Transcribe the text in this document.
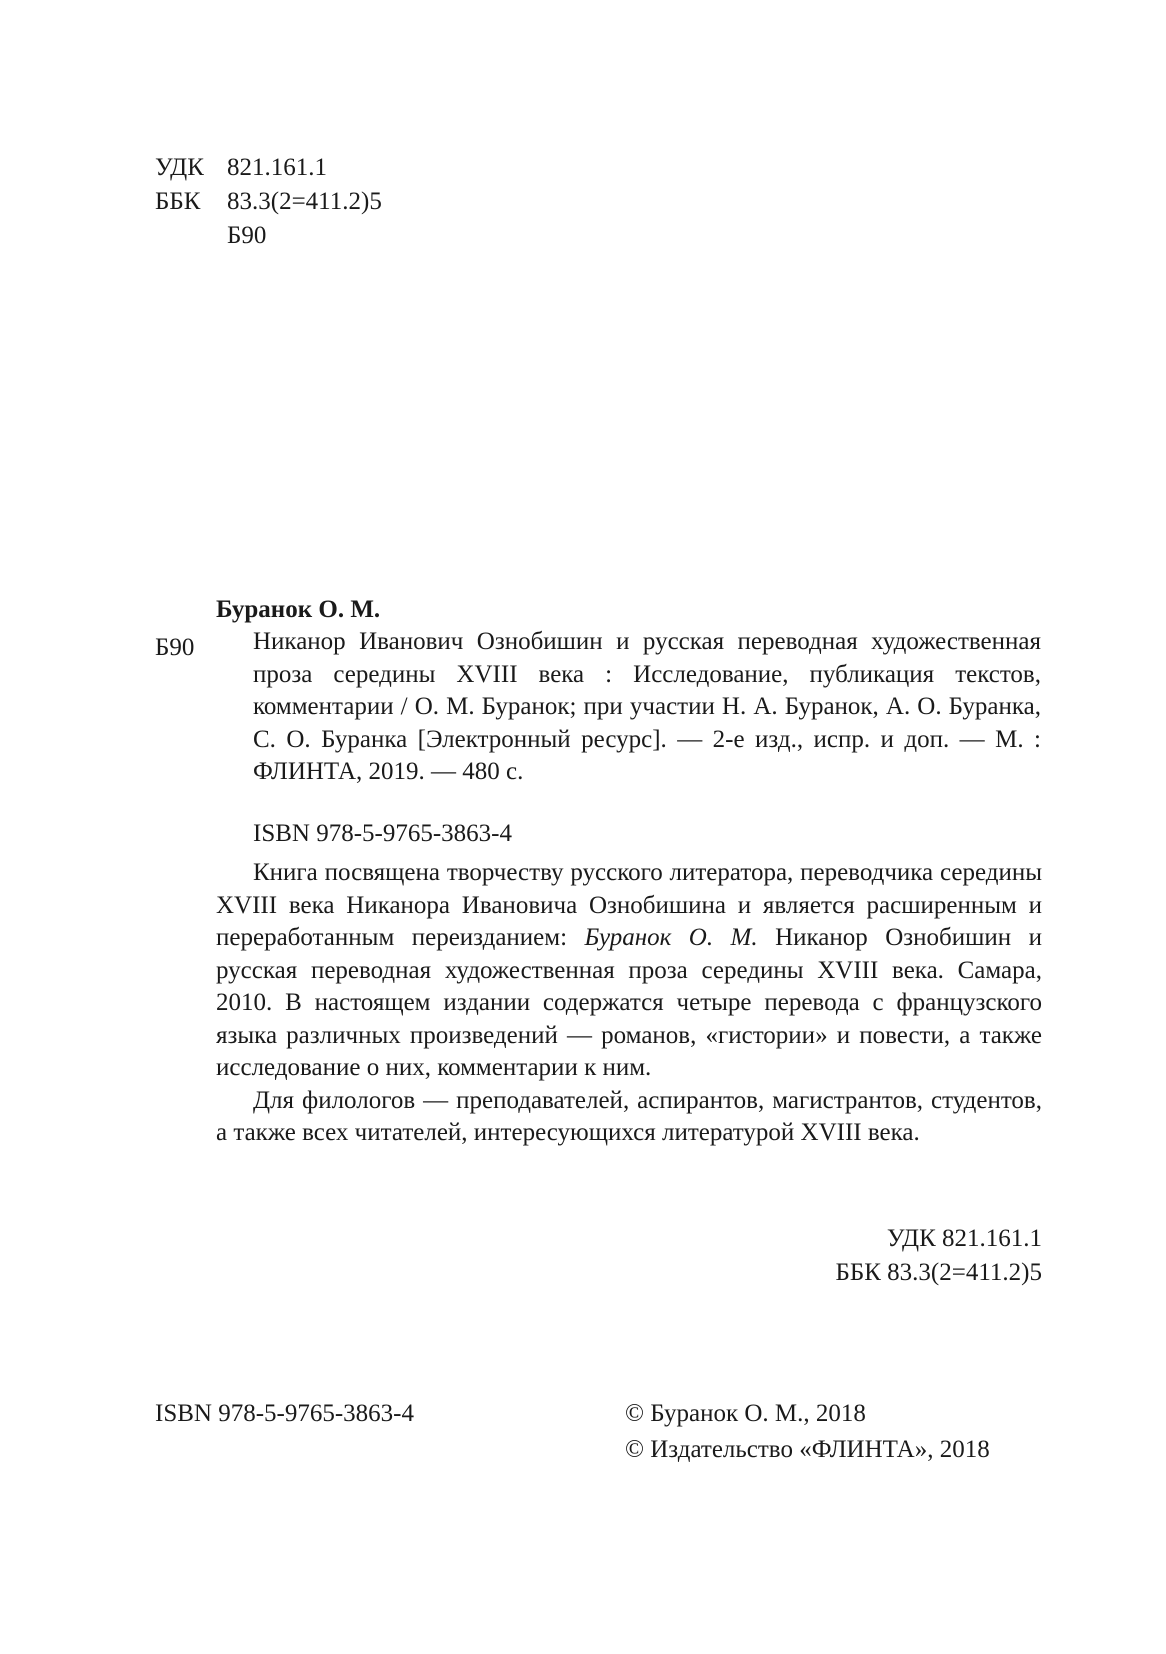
УДК 821.161.1
ББК 83.3(2=411.2)5
Б90
Буранок О. М.
Б90 Никанор Иванович Ознобишин и русская переводная художественная проза середины XVIII века : Исследование, публикация текстов, комментарии / О. М. Буранок; при участии Н. А. Буранок, А. О. Буранка, С. О. Буранка [Электронный ресурс]. — 2-е изд., испр. и доп. — М. : ФЛИНТА, 2019. — 480 с.
ISBN 978-5-9765-3863-4

Книга посвящена творчеству русского литератора, переводчика середины XVIII века Никанора Ивановича Ознобишина и является расширенным и переработанным переизданием: Буранок О. М. Никанор Ознобишин и русская переводная художественная проза середины XVIII века. Самара, 2010. В настоящем издании содержатся четыре перевода с французского языка различных произведений — романов, «гистории» и повести, а также исследование о них, комментарии к ним.

Для филологов — преподавателей, аспирантов, магистрантов, студентов, а также всех читателей, интересующихся литературой XVIII века.

УДК 821.161.1
ББК 83.3(2=411.2)5
ISBN 978-5-9765-3863-4	© Буранок О. М., 2018
© Издательство «ФЛИНТА», 2018
